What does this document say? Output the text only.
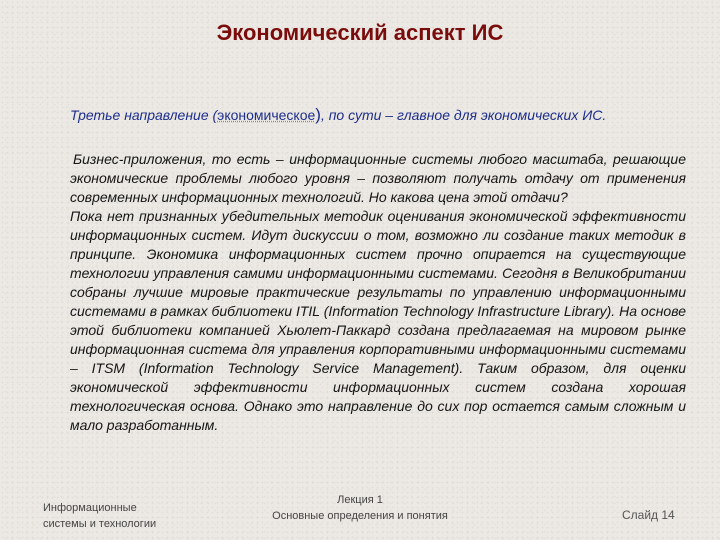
Экономический аспект ИС
Третье направление (экономическое), по сути – главное для экономических ИС.

Бизнес-приложения, то есть – информационные системы любого масштаба, решающие экономические проблемы любого уровня – позволяют получать отдачу от применения современных информационных технологий. Но какова цена этой отдачи?

Пока нет признанных убедительных методик оценивания экономической эффективности информационных систем. Идут дискуссии о том, возможно ли создание таких методик в принципе. Экономика информационных систем прочно опирается на существующие технологии управления самими информационными системами. Сегодня в Великобритании собраны лучшие мировые практические результаты по управлению информационными системами в рамках библиотеки ITIL (Information Technology Infrastructure Library). На основе этой библиотеки компанией Хьюлет-Паккард создана предлагаемая на мировом рынке информационная система для управления корпоративными информационными системами – ITSM (Information Technology Service Management). Таким образом, для оценки экономической эффективности информационных систем создана хорошая технологическая основа. Однако это направление до сих пор остается самым сложным и мало разработанным.

Информационные
системы и технологии
Лекция 1
Основные определения и понятия	Слайд 14
